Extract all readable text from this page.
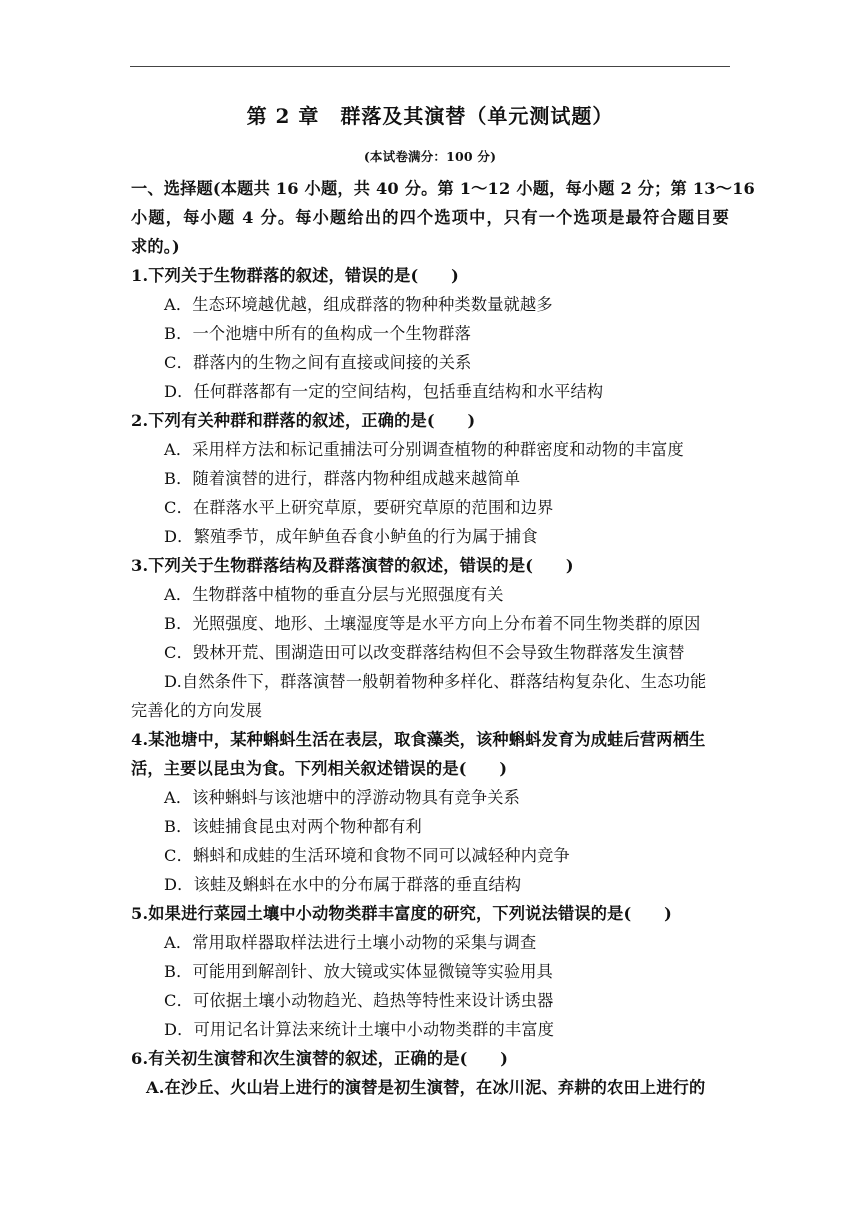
第 2 章　群落及其演替（单元测试题）
(本试卷满分：100 分)
一、选择题(本题共 16 小题，共 40 分。第 1～12 小题，每小题 2 分；第 13～16
小题，每小题 4 分。每小题给出的四个选项中，只有一个选项是最符合题目要
求的。)
1.下列关于生物群落的叙述，错误的是(　　)
A．生态环境越优越，组成群落的物种种类数量就越多
B．一个池塘中所有的鱼构成一个生物群落
C．群落内的生物之间有直接或间接的关系
D．任何群落都有一定的空间结构，包括垂直结构和水平结构
2.下列有关种群和群落的叙述，正确的是(　　)
A．采用样方法和标记重捕法可分别调查植物的种群密度和动物的丰富度
B．随着演替的进行，群落内物种组成越来越简单
C．在群落水平上研究草原，要研究草原的范围和边界
D．繁殖季节，成年鲈鱼吞食小鲈鱼的行为属于捕食
3.下列关于生物群落结构及群落演替的叙述，错误的是(　　)
A．生物群落中植物的垂直分层与光照强度有关
B．光照强度、地形、土壤湿度等是水平方向上分布着不同生物类群的原因
C．毁林开荒、围湖造田可以改变群落结构但不会导致生物群落发生演替
D.自然条件下，群落演替一般朝着物种多样化、群落结构复杂化、生态功能
完善化的方向发展
4.某池塘中，某种蝌蚪生活在表层，取食藻类，该种蝌蚪发育为成蛙后营两栖生
活，主要以昆虫为食。下列相关叙述错误的是(　　)
A．该种蝌蚪与该池塘中的浮游动物具有竞争关系
B．该蛙捕食昆虫对两个物种都有利
C．蝌蚪和成蛙的生活环境和食物不同可以减轻种内竞争
D．该蛙及蝌蚪在水中的分布属于群落的垂直结构
5.如果进行菜园土壤中小动物类群丰富度的研究，下列说法错误的是(　　)
A．常用取样器取样法进行土壤小动物的采集与调查
B．可能用到解剖针、放大镜或实体显微镜等实验用具
C．可依据土壤小动物趋光、趋热等特性来设计诱虫器
D．可用记名计算法来统计土壤中小动物类群的丰富度
6.有关初生演替和次生演替的叙述，正确的是(　　)
A.在沙丘、火山岩上进行的演替是初生演替，在冰川泥、弃耕的农田上进行的
